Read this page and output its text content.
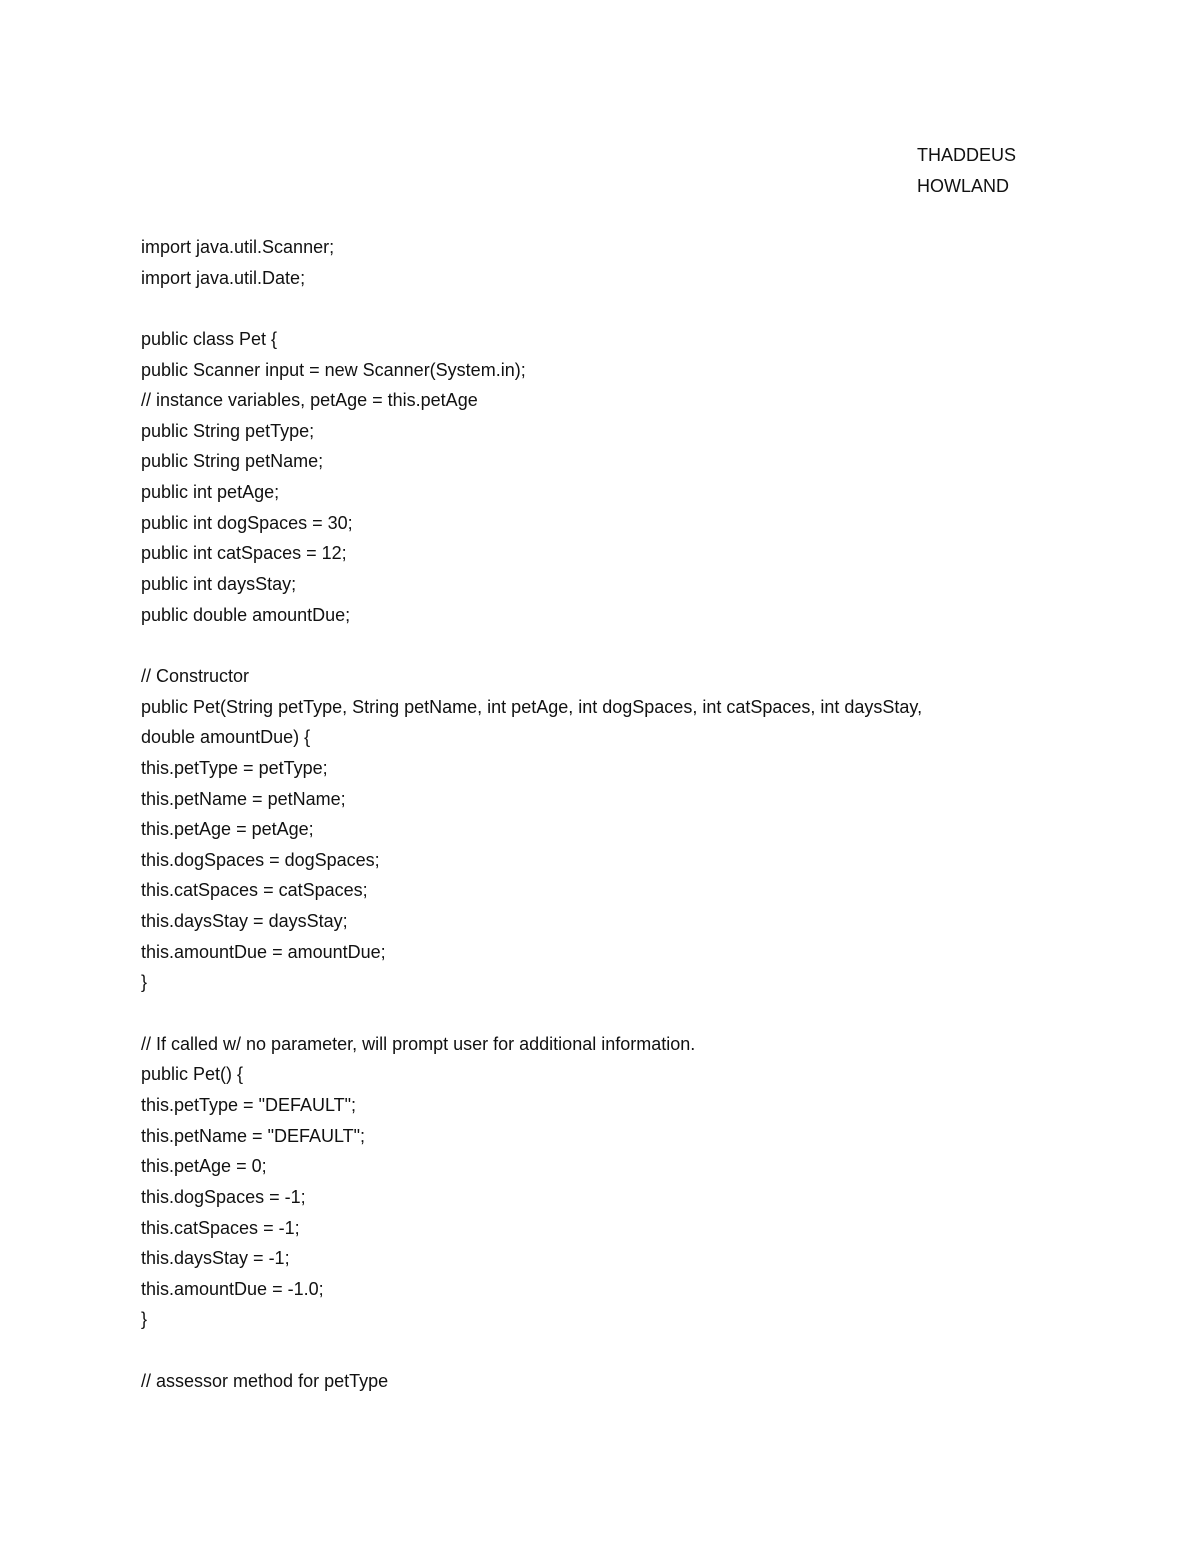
THADDEUS
HOWLAND
import java.util.Scanner;
import java.util.Date;
public class Pet {
public Scanner input = new Scanner(System.in);
// instance variables, petAge = this.petAge
public String petType;
public String petName;
public int petAge;
public int dogSpaces = 30;
public int catSpaces = 12;
public int daysStay;
public double amountDue;
// Constructor
public Pet(String petType, String petName, int petAge, int dogSpaces, int catSpaces, int daysStay,
double amountDue) {
this.petType = petType;
this.petName = petName;
this.petAge = petAge;
this.dogSpaces = dogSpaces;
this.catSpaces = catSpaces;
this.daysStay = daysStay;
this.amountDue = amountDue;
}
// If called w/ no parameter, will prompt user for additional information.
public Pet() {
this.petType = "DEFAULT";
this.petName = "DEFAULT";
this.petAge = 0;
this.dogSpaces = -1;
this.catSpaces = -1;
this.daysStay = -1;
this.amountDue = -1.0;
}
// assessor method for petType
